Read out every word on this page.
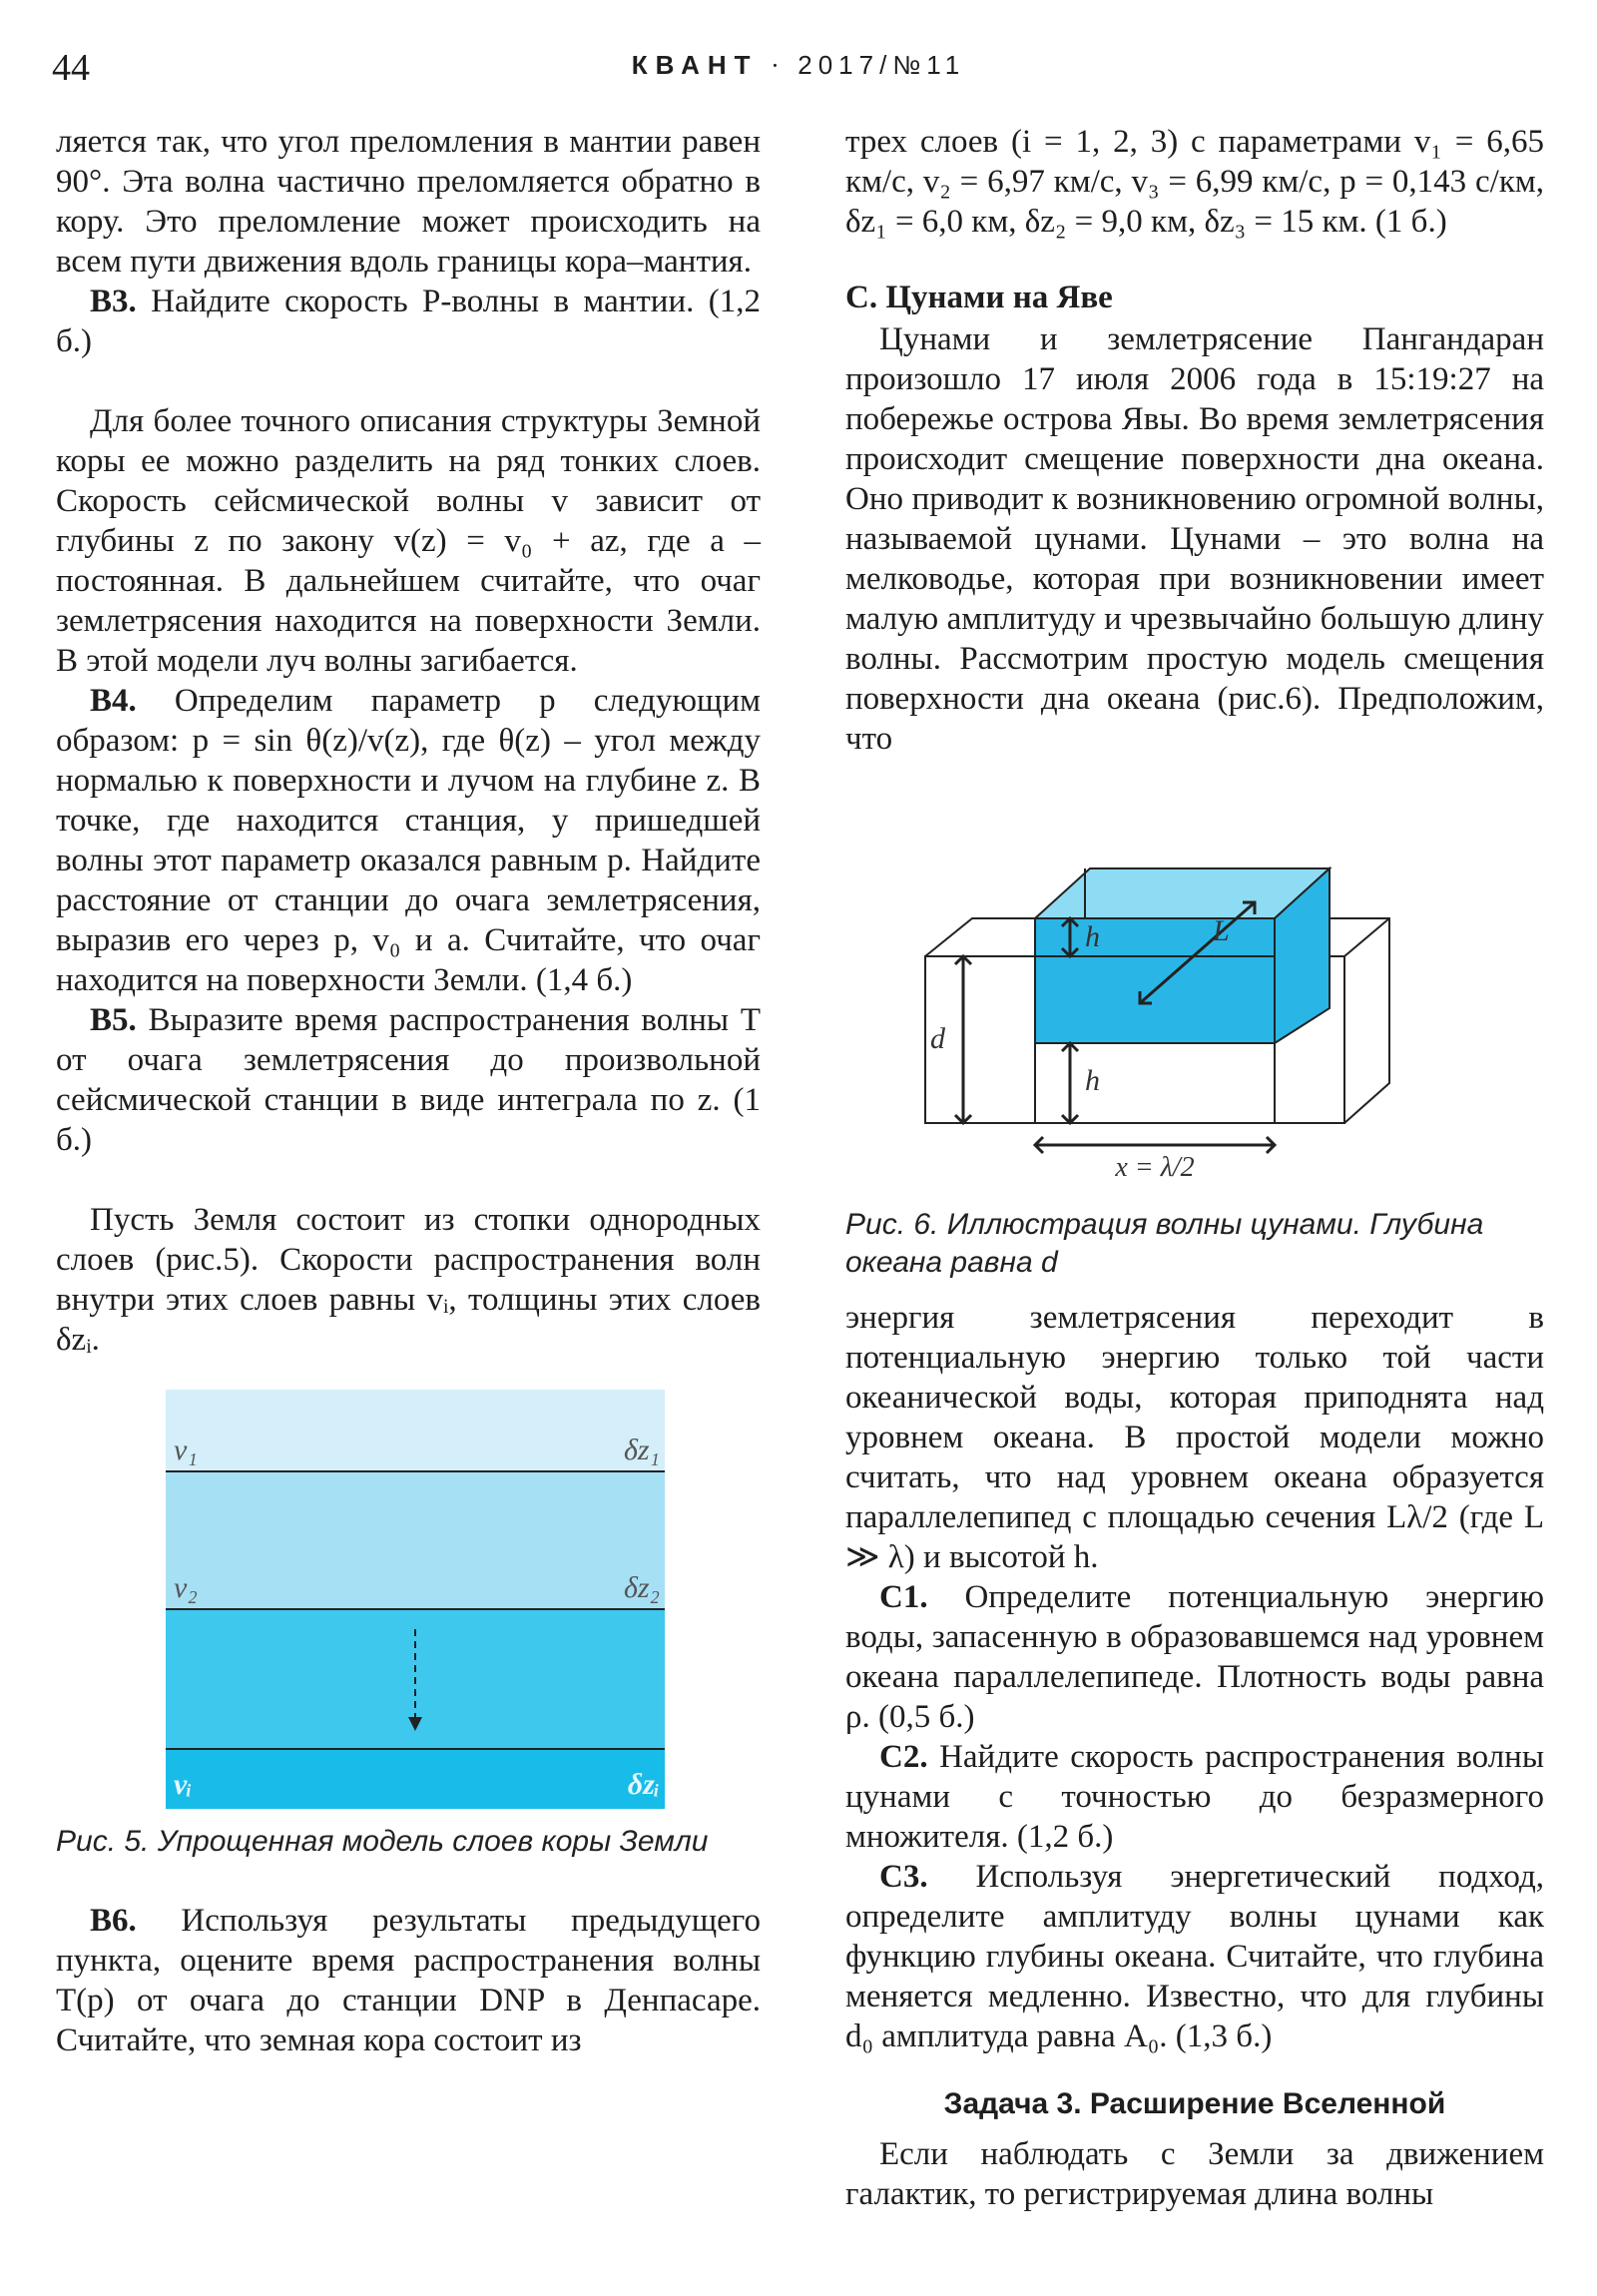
44	КВАНТ · 2017/№11

ляется так, что угол преломления в мантии равен 90°. Эта волна частично преломляется обратно в кору. Это преломление может происходить на всем пути движения вдоль границы кора–мантия.

В3. Найдите скорость P-волны в мантии. (1,2 б.)

Для более точного описания структуры Земной коры ее можно разделить на ряд тонких слоев. Скорость сейсмической волны v зависит от глубины z по закону v(z) = v₀ + az, где a – постоянная. В дальнейшем считайте, что очаг землетрясения находится на поверхности Земли. В этой модели луч волны загибается.

В4. Определим параметр p следующим образом: p = sin θ(z)/v(z), где θ(z) – угол между нормалью к поверхности и лучом на глубине z. В точке, где находится станция, у пришедшей волны этот параметр оказался равным p. Найдите расстояние от станции до очага землетрясения, выразив его через p, v₀ и a. Считайте, что очаг находится на поверхности Земли. (1,4 б.)

В5. Выразите время распространения волны T от очага землетрясения до произвольной сейсмической станции в виде интеграла по z. (1 б.)

Пусть Земля состоит из стопки однородных слоев (рис.5). Скорости распространения волн внутри этих слоев равны vᵢ, толщины этих слоев δzᵢ.

v₁	δz₁
v₂	δz₂
vᵢ	δzᵢ
Рис. 5. Упрощенная модель слоев коры Земли

В6. Используя результаты предыдущего пункта, оцените время распространения волны T(p) от очага до станции DNP в Денпасаре. Считайте, что земная кора состоит из

трех слоев (i = 1, 2, 3) с параметрами v₁ = 6,65 км/с, v₂ = 6,97 км/с, v₃ = 6,99 км/с, p = 0,143 с/км, δz₁ = 6,0 км, δz₂ = 9,0 км, δz₃ = 15 км. (1 б.)

С. Цунами на Яве

Цунами и землетрясение Пангандаран произошло 17 июля 2006 года в 15:19:27 на побережье острова Явы. Во время землетрясения происходит смещение поверхности дна океана. Оно приводит к возникновению огромной волны, называемой цунами. Цунами – это волна на мелководье, которая при возникновении имеет малую амплитуду и чрезвычайно большую длину волны. Рассмотрим простую модель смещения поверхности дна океана (рис.6). Предположим, что

h	L
d
h
x = λ/2
Рис. 6. Иллюстрация волны цунами. Глубина океана равна d

энергия землетрясения переходит в потенциальную энергию только той части океанической воды, которая приподнята над уровнем океана. В простой модели можно считать, что над уровнем океана образуется параллелепипед с площадью сечения Lλ/2 (где L ≫ λ) и высотой h.

С1. Определите потенциальную энергию воды, запасенную в образовавшемся над уровнем океана параллелепипеде. Плотность воды равна ρ. (0,5 б.)

С2. Найдите скорость распространения волны цунами с точностью до безразмерного множителя. (1,2 б.)

С3. Используя энергетический подход, определите амплитуду волны цунами как функцию глубины океана. Считайте, что глубина меняется медленно. Известно, что для глубины d₀ амплитуда равна A₀. (1,3 б.)

Задача 3. Расширение Вселенной

Если наблюдать с Земли за движением галактик, то регистрируемая длина волны
